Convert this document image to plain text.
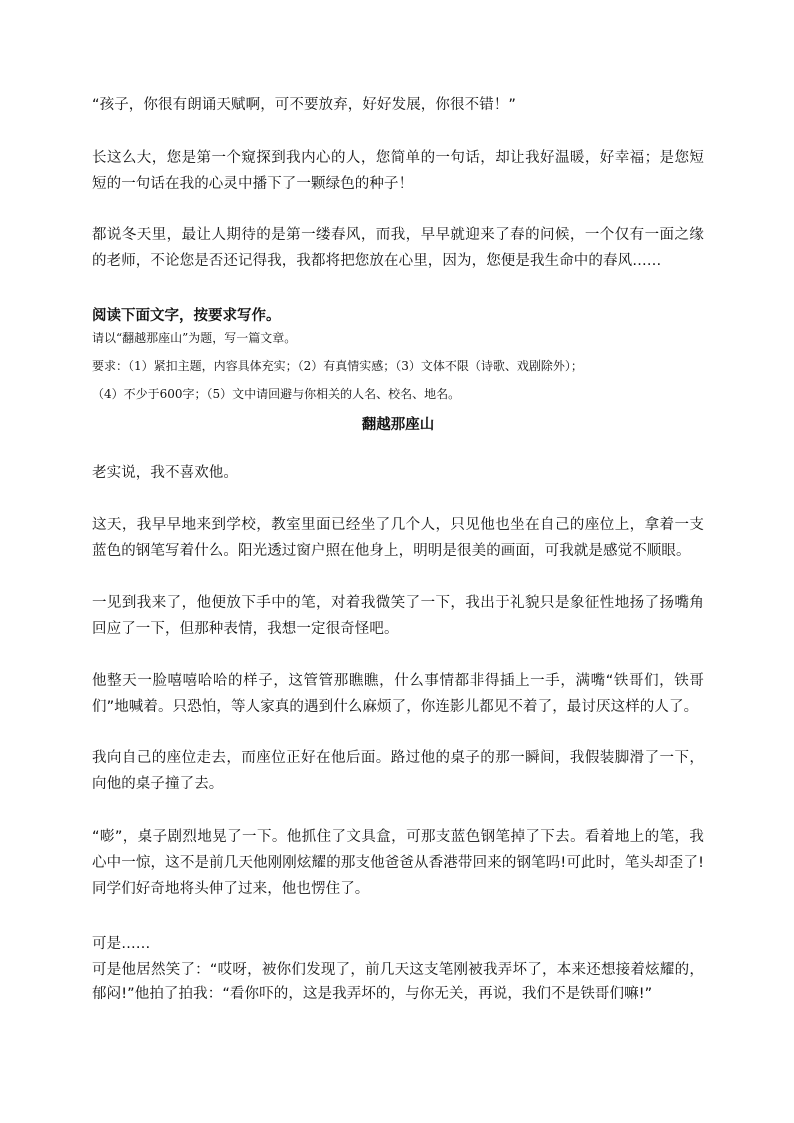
“孩子，你很有朗诵天赋啊，可不要放弃，好好发展，你很不错！”

长这么大，您是第一个窥探到我内心的人，您简单的一句话，却让我好温暖，好幸福；是您短短的一句话在我的心灵中播下了一颗绿色的种子！

都说冬天里，最让人期待的是第一缕春风，而我，早早就迎来了春的问候，一个仅有一面之缘的老师，不论您是否还记得我，我都将把您放在心里，因为，您便是我生命中的春风……

阅读下面文字，按要求写作。

请以“翻越那座山”为题，写一篇文章。

要求：（1）紧扣主题，内容具体充实；（2）有真情实感；（3）文体不限（诗歌、戏剧除外）；

（4）不少于600字；（5）文中请回避与你相关的人名、校名、地名。

翻越那座山

老实说，我不喜欢他。

这天，我早早地来到学校，教室里面已经坐了几个人，只见他也坐在自己的座位上，拿着一支蓝色的钢笔写着什么。阳光透过窗户照在他身上，明明是很美的画面，可我就是感觉不顺眼。

一见到我来了，他便放下手中的笔，对着我微笑了一下，我出于礼貌只是象征性地扬了扬嘴角回应了一下，但那种表情，我想一定很奇怪吧。

他整天一脸嘻嘻哈哈的样子，这管管那瞧瞧，什么事情都非得插上一手，满嘴“铁哥们，铁哥们”地喊着。只恐怕，等人家真的遇到什么麻烦了，你连影儿都见不着了，最讨厌这样的人了。

我向自己的座位走去，而座位正好在他后面。路过他的桌子的那一瞬间，我假装脚滑了一下，向他的桌子撞了去。

“嘭”，桌子剧烈地晃了一下。他抓住了文具盒，可那支蓝色钢笔掉了下去。看着地上的笔，我心中一惊，这不是前几天他刚刚炫耀的那支他爸爸从香港带回来的钢笔吗!可此时，笔头却歪了!同学们好奇地将头伸了过来，他也愣住了。

可是……

可是他居然笑了：“哎呀，被你们发现了，前几天这支笔刚被我弄坏了，本来还想接着炫耀的，郁闷!”他拍了拍我：“看你吓的，这是我弄坏的，与你无关，再说，我们不是铁哥们嘛!”
